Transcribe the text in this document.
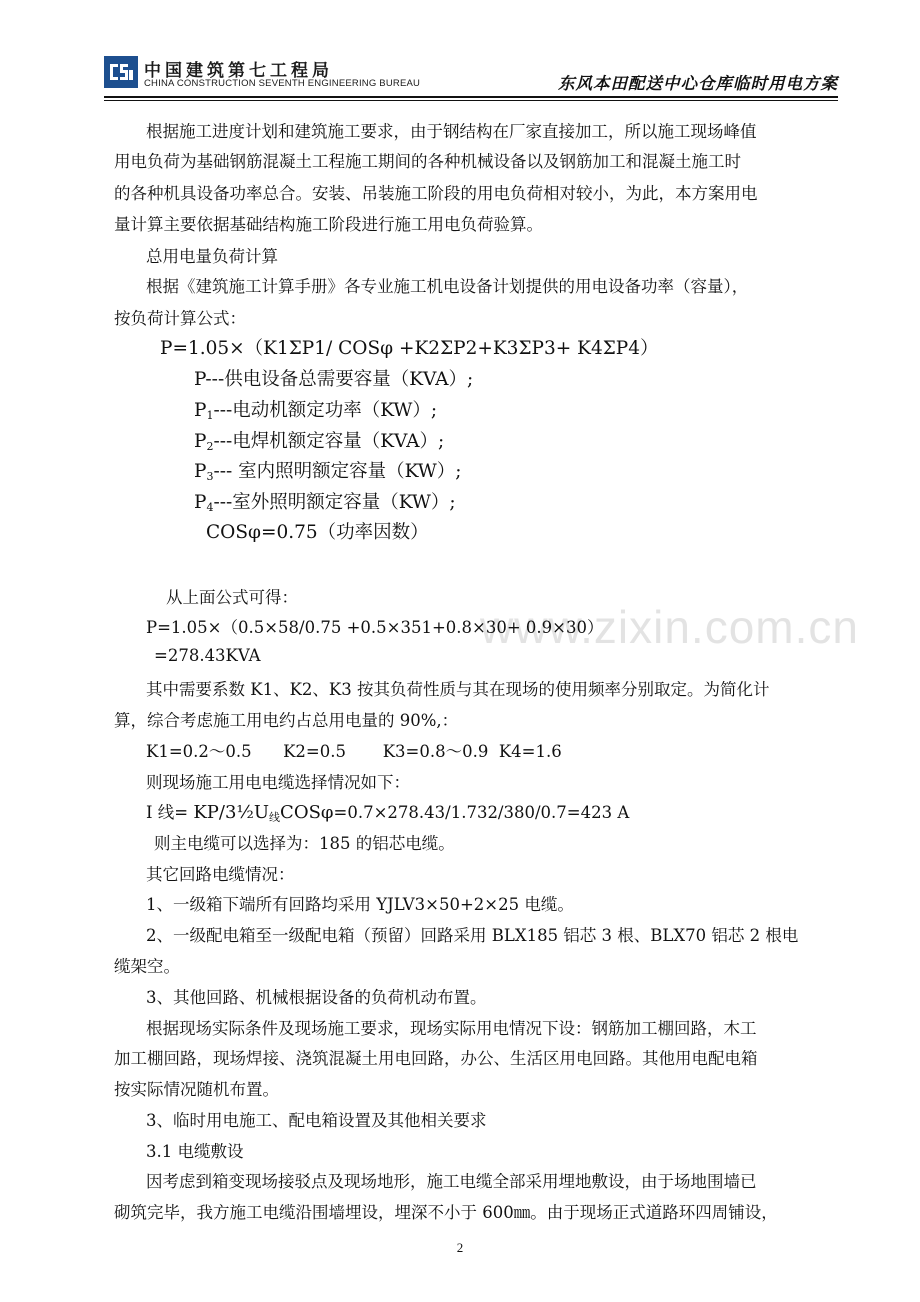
中国建筑第七工程局
CHINA CONSTRUCTION SEVENTH ENGINEERING BUREAU	东风本田配送中心仓库临时用电方案
www.zixin.com.cn
根据施工进度计划和建筑施工要求，由于钢结构在厂家直接加工，所以施工现场峰值
用电负荷为基础钢筋混凝土工程施工期间的各种机械设备以及钢筋加工和混凝土施工时
的各种机具设备功率总合。安装、吊装施工阶段的用电负荷相对较小，为此，本方案用电
量计算主要依据基础结构施工阶段进行施工用电负荷验算。
总用电量负荷计算
根据《建筑施工计算手册》各专业施工机电设备计划提供的用电设备功率（容量），
按负荷计算公式：
P=1.05×（K1ΣP1/ COSφ +K2ΣP2+K3ΣP3+ K4ΣP4）
P---供电设备总需要容量（KVA）;
$P_1---$电动机额定功率（KW）;
$P_2---$电焊机额定容量（KVA）;
$P_3---$ 室内照明额定容量（KW）;
$P_4---$室外照明额定容量（KW）;
COSφ=0.75（功率因数）
从上面公式可得：
P=1.05×（0.5×58/0.75 +0.5×351+0.8×30+ 0.9×30）
=278.43KVA
其中需要系数 K1、K2、K3 按其负荷性质与其在现场的使用频率分别取定。为简化计
算，综合考虑施工用电约占总用电量的 90%,：
K1=0.2～0.5      K2=0.5       K3=0.8～0.9  K4=1.6
则现场施工用电电缆选择情况如下：
I 线= $KP/3\frac{1}{2}U_线COS\varphi=0.7\times 278.43/1.732/380/0.7=423$ A
则主电缆可以选择为：185 的铝芯电缆。
其它回路电缆情况：
1、一级箱下端所有回路均采用 YJLV3×50+2×25 电缆。
2、一级配电箱至一级配电箱（预留）回路采用 BLX185 铝芯 3 根、BLX70 铝芯 2 根电
缆架空。
3、其他回路、机械根据设备的负荷机动布置。
根据现场实际条件及现场施工要求，现场实际用电情况下设：钢筋加工棚回路，木工
加工棚回路，现场焊接、浇筑混凝土用电回路，办公、生活区用电回路。其他用电配电箱
按实际情况随机布置。
3、临时用电施工、配电箱设置及其他相关要求
3.1 电缆敷设
因考虑到箱变现场接驳点及现场地形，施工电缆全部采用埋地敷设，由于场地围墙已
砌筑完毕，我方施工电缆沿围墙埋设，埋深不小于 600㎜。由于现场正式道路环四周铺设，
2
